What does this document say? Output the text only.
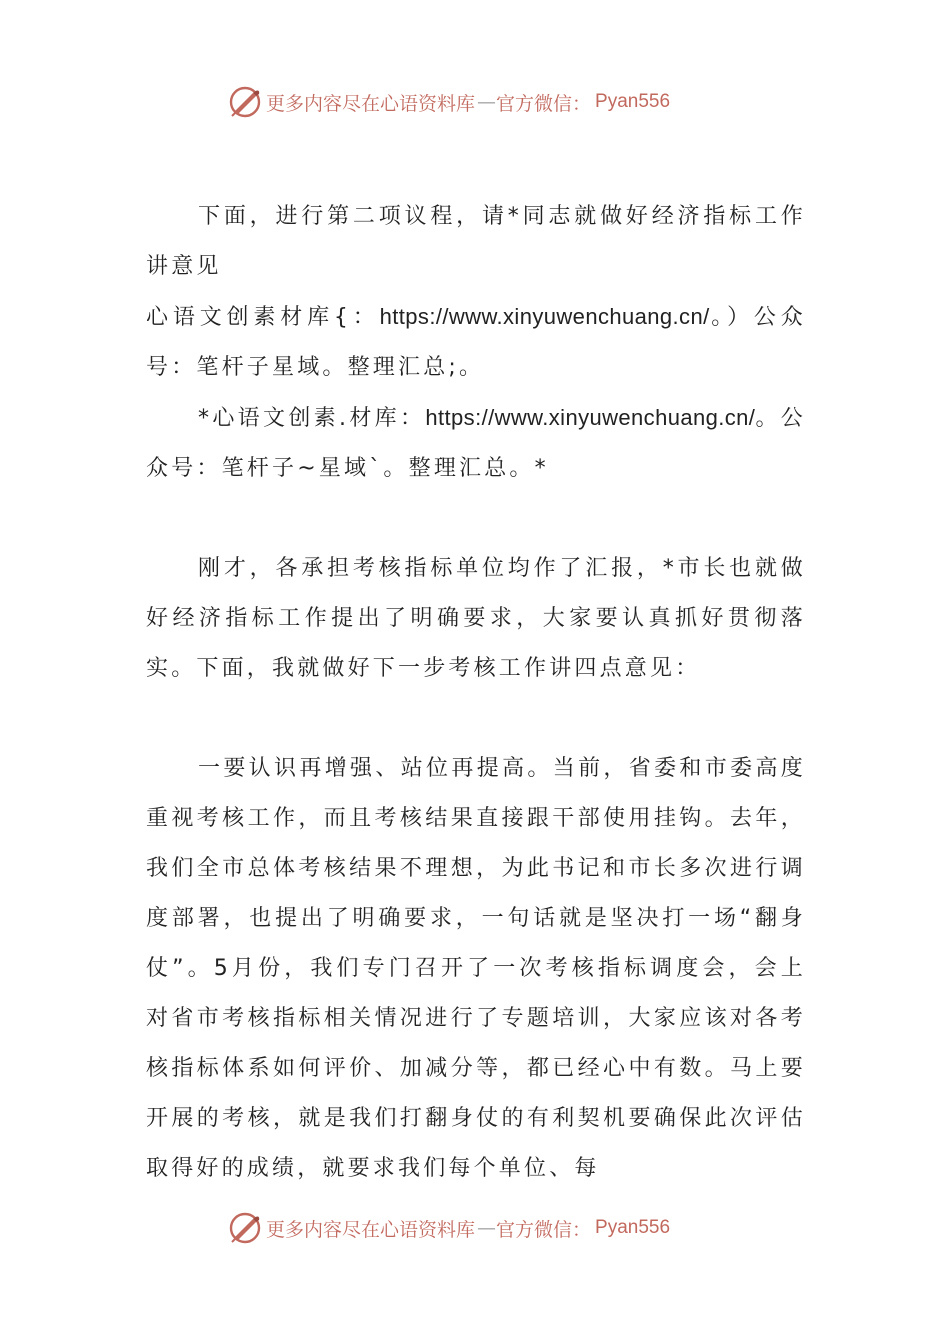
更多内容尽在心语资料库 — 官方微信： Pyan556

下面，进行第二项议程，请*同志就做好经济指标工作讲意见

心语文创素材库{：https://www.xinyuwenchuang.cn/。）公众号：笔杆子星域。整理汇总;。

*心语文创素.材库：https://www.xinyuwenchuang.cn/。公众号：笔杆子~星域`。整理汇总。*

刚才，各承担考核指标单位均作了汇报，*市长也就做好经济指标工作提出了明确要求，大家要认真抓好贯彻落实。下面，我就做好下一步考核工作讲四点意见：

一要认识再增强、站位再提高。当前，省委和市委高度重视考核工作，而且考核结果直接跟干部使用挂钩。去年，我们全市总体考核结果不理想，为此书记和市长多次进行调度部署，也提出了明确要求，一句话就是坚决打一场“翻身仗”。5月份，我们专门召开了一次考核指标调度会，会上对省市考核指标相关情况进行了专题培训，大家应该对各考核指标体系如何评价、加减分等，都已经心中有数。马上要开展的考核，就是我们打翻身仗的有利契机要确保此次评估取得好的成绩，就要求我们每个单位、每

更多内容尽在心语资料库 — 官方微信： Pyan556
